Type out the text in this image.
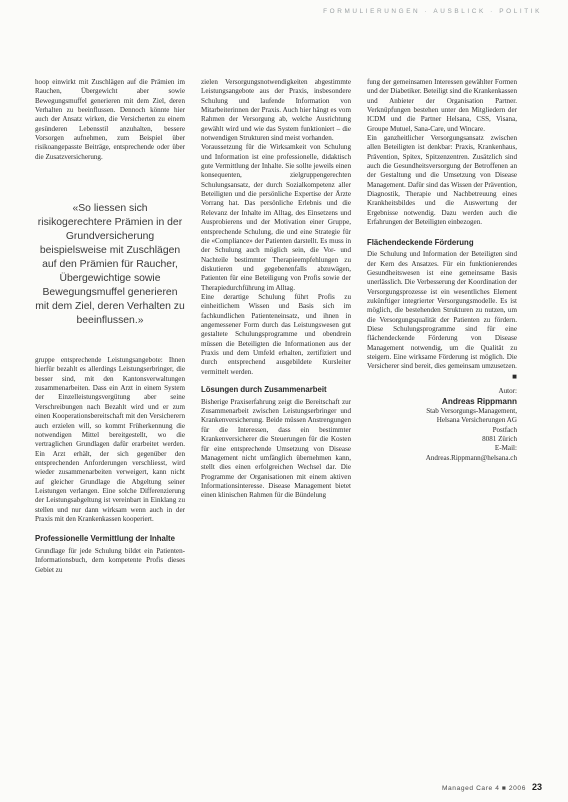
FORMULIERUNGEN · AUSBLICK · POLITIK

hoop einwirkt mit Zuschlägen auf die Prämien im Rauchen, Übergewicht aber sowie Bewegungsmuffel generieren mit dem Ziel, deren Verhalten zu beeinflussen. Dennoch könnte hier auch der Ansatz wirken, die Versicherten zu einem gesünderen Lebensstil anzuhalten, bessere Vorsorgen aufnehmen, zum Beispiel über risikoangepasste Beiträge, entsprechende oder über die Zusatzversicherung.

«So liessen sich risikogerechtere Prämien in der Grundversicherung beispielsweise mit Zuschlägen auf den Prämien für Raucher, Übergewichtige sowie Bewegungsmuffel generieren mit dem Ziel, deren Verhalten zu beeinflussen.»

gruppe entsprechende Leistungsangebote: Ihnen hierfür bezahlt es allerdings Leistungserbringer, die besser sind, mit den Kantonsverwaltungen zusammenarbeiten. Dass ein Arzt in einem System der Einzelleistungsvergütung aber seine Verschreibungen nach Bezahlt wird und er zum einen Kooperationsbereitschaft mit den Versicherern auch erzielen will, so kommt Früherkennung die notwendigen Mittel bereitgestellt, wo die vertraglichen Grundlagen dafür erarbeitet werden. Ein Arzt erhält, der sich gegenüber den entsprechenden Anforderungen verschliesst, wird wieder zusammenarbeiten verweigert, kann nicht auf gleicher Grundlage die Abgeltung seiner Leistungen verlangen. Eine solche Differenzierung der Leistungsabgeltung ist vereinbart in Einklang zu stellen und nur dann wirksam wenn auch in der Praxis mit den Krankenkassen kooperiert.

Professionelle Vermittlung der Inhalte

Grundlage für jede Schulung bildet ein Patienten-Informationsbuch, dem kompetente Profis dieses Gebiet zu

zielen Versorgungsnotwendigkeiten abgestimmte Leistungsangebote aus der Praxis, insbesondere Schulung und laufende Information von Mitarbeiterinnen der Praxis. Auch hier hängt es vom Rahmen der Versorgung ab, welche Ausrichtung gewählt wird und wie das System funktioniert – die notwendigen Strukturen sind meist vorhanden.

Voraussetzung für die Wirksamkeit von Schulung und Information ist eine professionelle, didaktisch gute Vermittlung der Inhalte. Sie sollte jeweils einen konsequenten, zielgruppengerechten Schulungsansatz, der durch Sozialkompetenz aller Beteiligten und die persönliche Expertise der Ärzte Vorrang hat. Das persönliche Erlebnis und die Relevanz der Inhalte im Alltag, des Einsetzens und Ausprobierens und der Motivation einer Gruppe, entsprechende Schulung, die und eine Strategie für die «Compliance» der Patienten darstellt. Es muss in der Schulung auch möglich sein, die Vor- und Nachteile bestimmter Therapieempfehlungen zu diskutieren und gegebenenfalls abzuwägen, Patienten für eine Beteiligung von Profis sowie der Therapiedurchführung im Alltag.

Eine derartige Schulung führt Profis zu einheitlichem Wissen und Basis sich im fachkundlichen Patienteneinsatz, und ihnen in angemessener Form durch das Leistungswesen gut gestaltete Schulungsprogramme und obendrein müssen die Beteiligten die Informationen aus der Praxis und dem Umfeld erhalten, zertifiziert und durch entsprechend ausgebildete Kursleiter vermittelt werden.

Lösungen durch Zusammenarbeit

Bisherige Praxiserfahrung zeigt die Bereitschaft zur Zusammenarbeit zwischen Leistungserbringer und Krankenversicherung. Beide müssen Anstrengungen für die Interessen, dass ein bestimmter Krankenversicherer die Steuerungen für die Kosten für eine entsprechende Umsetzung von Disease Management nicht umfänglich übernehmen kann, stellt dies einen erfolgreichen Wechsel dar. Die Programme der Organisationen mit einem aktiven Informationsinteresse. Disease Management bietet einen klinischen Rahmen für die Bündelung

fung der gemeinsamen Interessen gewählter Formen und der Diabetiker. Beteiligt sind die Krankenkassen und Anbieter der Organisation Partner. Verknüpfungen bestehen unter den Mitgliedern der ICDM und die Partner Helsana, CSS, Visana, Groupe Mutuel, Sana-Care, und Wincare.

Ein ganzheitlicher Versorgungsansatz zwischen allen Beteiligten ist denkbar: Praxis, Krankenhaus, Prävention, Spitex, Spitzenzentren. Zusätzlich sind auch die Gesundheitsversorgung der Betroffenen an der Gestaltung und die Umsetzung von Disease Management. Dafür sind das Wissen der Prävention, Diagnostik, Therapie und Nachbetreuung eines Krankheitsbildes und die Auswertung der Ergebnisse notwendig. Dazu werden auch die Erfahrungen der Beteiligten einbezogen.

Flächendeckende Förderung

Die Schulung und Information der Beteiligten sind der Kern des Ansatzes. Für ein funktionierendes Gesundheitswesen ist eine gemeinsame Basis unerlässlich. Die Verbesserung der Koordination der Versorgungsprozesse ist ein wesentliches Element zukünftiger integrierter Versorgungsmodelle. Es ist möglich, die bestehenden Strukturen zu nutzen, um die Versorgungsqualität der Patienten zu fördern. Diese Schulungsprogramme sind für eine flächendeckende Förderung von Disease Management notwendig, um die Qualität zu steigern. Eine wirksame Förderung ist möglich. Die Versicherer sind bereit, dies gemeinsam umzusetzen.

■
Autor:
Andreas Rippmann
Stab Versorgungs-Management,
Helsana Versicherungen AG
Postfach
8081 Zürich
E-Mail:
Andreas.Rippmann@helsana.ch
Managed Care 4 ■ 2006 23
